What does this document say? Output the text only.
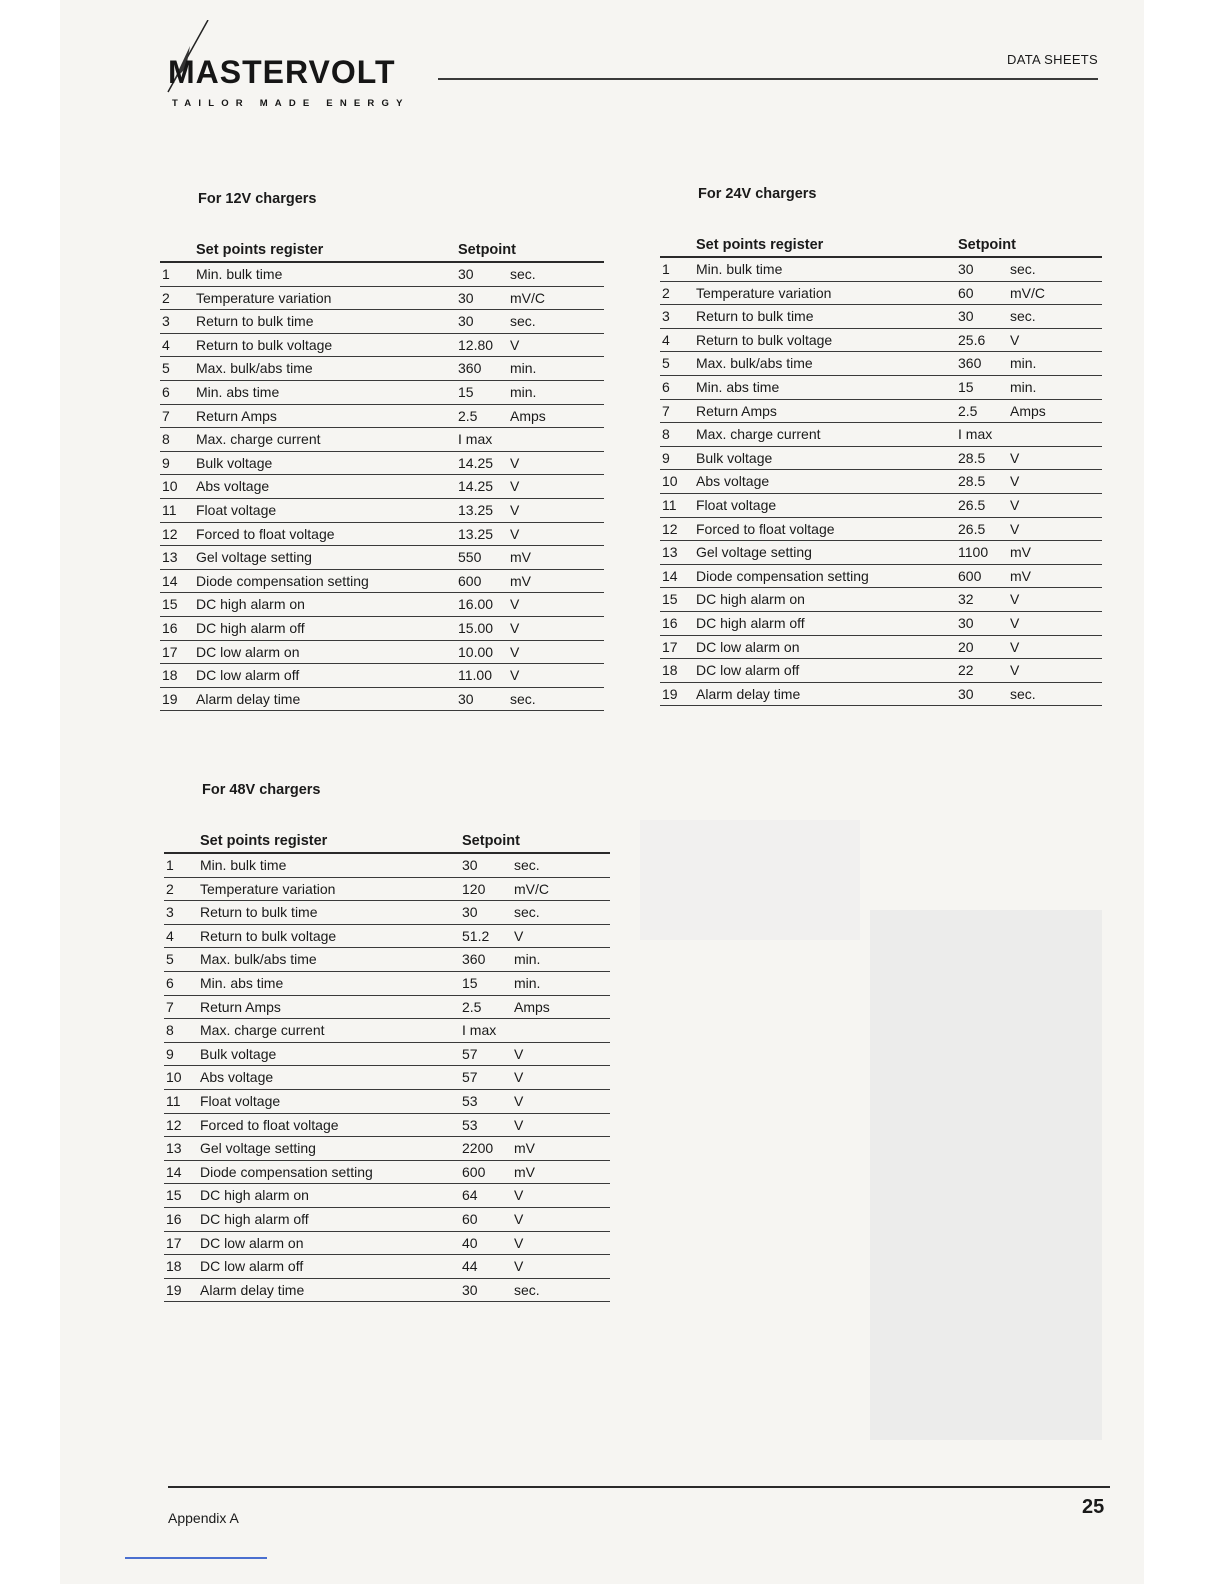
MASTERVOLT
TAILOR MADE ENERGY
DATA SHEETS
For 12V chargers
Set points register	Setpoint
1	Min. bulk time	30	sec.
2	Temperature variation	30	mV/C
3	Return to bulk time	30	sec.
4	Return to bulk voltage	12.80	V
5	Max. bulk/abs time	360	min.
6	Min. abs time	15	min.
7	Return Amps	2.5	Amps
8	Max. charge current	I max
9	Bulk voltage	14.25	V
10	Abs voltage	14.25	V
11	Float voltage	13.25	V
12	Forced to float voltage	13.25	V
13	Gel voltage setting	550	mV
14	Diode compensation setting	600	mV
15	DC high alarm on	16.00	V
16	DC high alarm off	15.00	V
17	DC low alarm on	10.00	V
18	DC low alarm off	11.00	V
19	Alarm delay time	30	sec.
For 24V chargers
Set points register	Setpoint
1	Min. bulk time	30	sec.
2	Temperature variation	60	mV/C
3	Return to bulk time	30	sec.
4	Return to bulk voltage	25.6	V
5	Max. bulk/abs time	360	min.
6	Min. abs time	15	min.
7	Return Amps	2.5	Amps
8	Max. charge current	I max
9	Bulk voltage	28.5	V
10	Abs voltage	28.5	V
11	Float voltage	26.5	V
12	Forced to float voltage	26.5	V
13	Gel voltage setting	1100	mV
14	Diode compensation setting	600	mV
15	DC high alarm on	32	V
16	DC high alarm off	30	V
17	DC low alarm on	20	V
18	DC low alarm off	22	V
19	Alarm delay time	30	sec.
For 48V chargers
Set points register	Setpoint
1	Min. bulk time	30	sec.
2	Temperature variation	120	mV/C
3	Return to bulk time	30	sec.
4	Return to bulk voltage	51.2	V
5	Max. bulk/abs time	360	min.
6	Min. abs time	15	min.
7	Return Amps	2.5	Amps
8	Max. charge current	I max
9	Bulk voltage	57	V
10	Abs voltage	57	V
11	Float voltage	53	V
12	Forced to float voltage	53	V
13	Gel voltage setting	2200	mV
14	Diode compensation setting	600	mV
15	DC high alarm on	64	V
16	DC high alarm off	60	V
17	DC low alarm on	40	V
18	DC low alarm off	44	V
19	Alarm delay time	30	sec.
Appendix A	25
